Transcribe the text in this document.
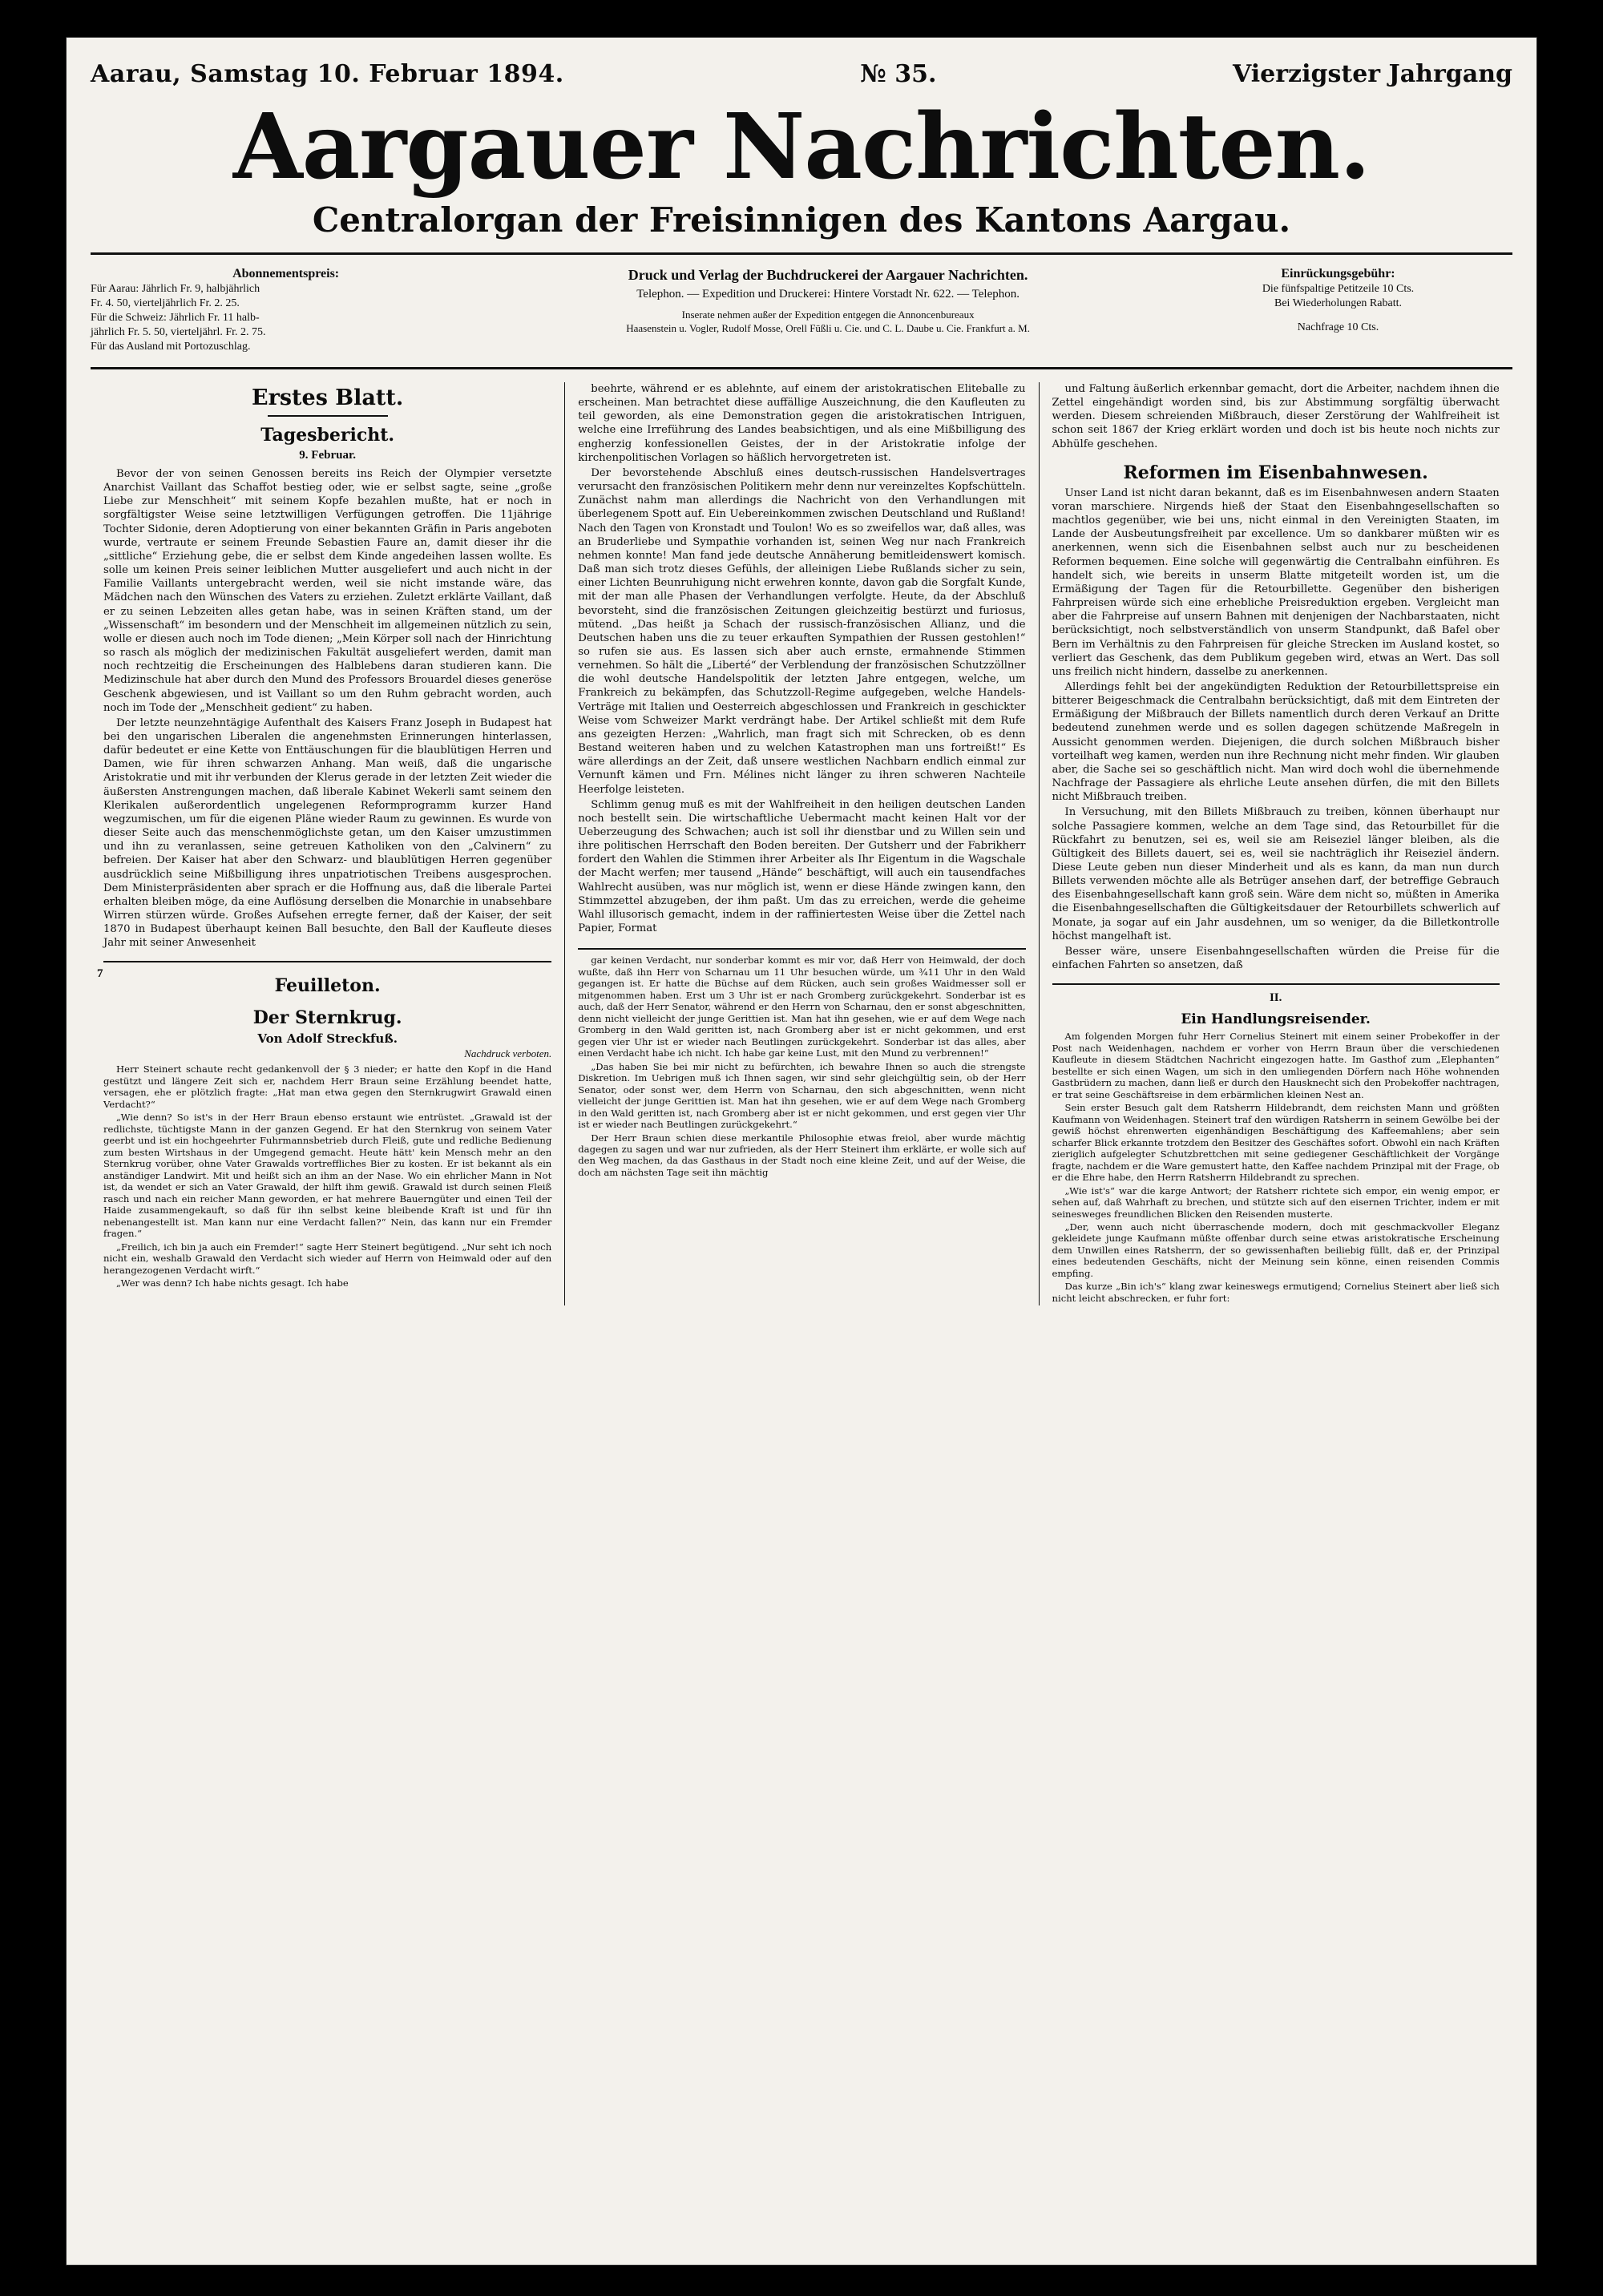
Aarau, Samstag 10. Februar 1894.	№ 35.	Vierzigster Jahrgang
Aargauer Nachrichten.
Centralorgan der Freisinnigen des Kantons Aargau.
Abonnementspreis:
Für Aarau: Jährlich Fr. 9, halbjährlich
Fr. 4. 50, vierteljährlich Fr. 2. 25.
Für die Schweiz: Jährlich Fr. 11 halb-
jährlich Fr. 5. 50, vierteljährl. Fr. 2. 75.
Für das Ausland mit Portozuschlag.
Druck und Verlag der Buchdruckerei der Aargauer Nachrichten.
Telephon. — Expedition und Druckerei: Hintere Vorstadt Nr. 622. — Telephon.
Inserate nehmen außer der Expedition entgegen die Annoncenbureaux
Haasenstein u. Vogler, Rudolf Mosse, Orell Füßli u. Cie. und C. L. Daube u. Cie. Frankfurt a. M.
Einrückungsgebühr:
Die fünfspaltige Petitzeile 10 Cts.
Bei Wiederholungen Rabatt.
Nachfrage 10 Cts.
Erstes Blatt.
Tagesbericht.
9. Februar.

Bevor der von seinen Genossen bereits ins Reich der Olympier versetzte Anarchist Vaillant das Schaffot bestieg oder, wie er selbst sagte, seine „große Liebe zur Menschheit“ mit seinem Kopfe bezahlen mußte, hat er noch in sorgfältigster Weise seine letztwilligen Verfügungen getroffen. Die 11jährige Tochter Sidonie, deren Adoptierung von einer bekannten Gräfin in Paris angeboten wurde, vertraute er seinem Freunde Sebastien Faure an, damit dieser ihr die „sittliche“ Erziehung gebe, die er selbst dem Kinde angedeihen lassen wollte. Es solle um keinen Preis seiner leiblichen Mutter ausgeliefert und auch nicht in der Familie Vaillants untergebracht werden, weil sie nicht imstande wäre, das Mädchen nach den Wünschen des Vaters zu erziehen. Zuletzt erklärte Vaillant, daß er zu seinen Lebzeiten alles getan habe, was in seinen Kräften stand, um der „Wissenschaft“ im besondern und der Menschheit im allgemeinen nützlich zu sein, wolle er diesen auch noch im Tode dienen; „Mein Körper soll nach der Hinrichtung so rasch als möglich der medizinischen Fakultät ausgeliefert werden, damit man noch rechtzeitig die Erscheinungen des Halblebens daran studieren kann. Die Medizinschule hat aber durch den Mund des Professors Brouardel dieses generöse Geschenk abgewiesen, und ist Vaillant so um den Ruhm gebracht worden, auch noch im Tode der „Menschheit gedient“ zu haben.

Der letzte neunzehntägige Aufenthalt des Kaisers Franz Joseph in Budapest hat bei den ungarischen Liberalen die angenehmsten Erinnerungen hinterlassen, dafür bedeutet er eine Kette von Enttäuschungen für die blaublütigen Herren und Damen, wie für ihren schwarzen Anhang. Man weiß, daß die ungarische Aristokratie und mit ihr verbunden der Klerus gerade in der letzten Zeit wieder die äußersten Anstrengungen machen, daß liberale Kabinet Wekerli samt seinem den Klerikalen außerordentlich ungelegenen Reformprogramm kurzer Hand wegzumischen, um für die eigenen Pläne wieder Raum zu gewinnen. Es wurde von dieser Seite auch das menschenmöglichste getan, um den Kaiser umzustimmen und ihn zu veranlassen, seine getreuen Katholiken von den „Calvinern“ zu befreien. Der Kaiser hat aber den Schwarz- und blaublütigen Herren gegenüber ausdrücklich seine Mißbilligung ihres unpatriotischen Treibens ausgesprochen. Dem Ministerpräsidenten aber sprach er die Hoffnung aus, daß die liberale Partei erhalten bleiben möge, da eine Auflösung derselben die Monarchie in unabsehbare Wirren stürzen würde. Großes Aufsehen erregte ferner, daß der Kaiser, der seit 1870 in Budapest überhaupt keinen Ball besuchte, den Ball der Kaufleute dieses Jahr mit seiner Anwesenheit

7
Feuilleton.
Der Sternkrug.
Von Adolf Streckfuß.
Nachdruck verboten.

Herr Steinert schaute recht gedankenvoll der § 3 nieder; er hatte den Kopf in die Hand gestützt und längere Zeit sich er, nachdem Herr Braun seine Erzählung beendet hatte, versagen, ehe er plötzlich fragte: „Hat man etwa gegen den Sternkrugwirt Grawald einen Verdacht?“

„Wie denn? So ist's in der Herr Braun ebenso erstaunt wie entrüstet. „Grawald ist der redlichste, tüchtigste Mann in der ganzen Gegend. Er hat den Sternkrug von seinem Vater geerbt und ist ein hochgeehrter Fuhrmannsbetrieb durch Fleiß, gute und redliche Bedienung zum besten Wirtshaus in der Umgegend gemacht. Heute hätt' kein Mensch mehr an den Sternkrug vorüber, ohne Vater Grawalds vortreffliches Bier zu kosten. Er ist bekannt als ein anständiger Landwirt. Mit und heißt sich an ihm an der Nase. Wo ein ehrlicher Mann in Not ist, da wendet er sich an Vater Grawald, der hilft ihm gewiß. Grawald ist durch seinen Fleiß rasch und nach ein reicher Mann geworden, er hat mehrere Bauerngüter und einen Teil der Haide zusammengekauft, so daß für ihn selbst keine bleibende Kraft ist und für ihn nebenangestellt ist. Man kann nur eine Verdacht fallen?“ Nein, das kann nur ein Fremder fragen.“

„Freilich, ich bin ja auch ein Fremder!“ sagte Herr Steinert begütigend. „Nur seht ich noch nicht ein, weshalb Grawald den Verdacht sich wieder auf Herrn von Heimwald oder auf den herangezogenen Verdacht wirft.“

„Wer was denn? Ich habe nichts gesagt. Ich habe

beehrte, während er es ablehnte, auf einem der aristokratischen Eliteballe zu erscheinen. Man betrachtet diese auffällige Auszeichnung, die den Kaufleuten zu teil geworden, als eine Demonstration gegen die aristokratischen Intriguen, welche eine Irreführung des Landes beabsichtigen, und als eine Mißbilligung des engherzig konfessionellen Geistes, der in der Aristokratie infolge der kirchenpolitischen Vorlagen so häßlich hervorgetreten ist.

Der bevorstehende Abschluß eines deutsch-russischen Handelsvertrages verursacht den französischen Politikern mehr denn nur vereinzeltes Kopfschütteln. Zunächst nahm man allerdings die Nachricht von den Verhandlungen mit überlegenem Spott auf. Ein Uebereinkommen zwischen Deutschland und Rußland! Nach den Tagen von Kronstadt und Toulon! Wo es so zweifellos war, daß alles, was an Bruderliebe und Sympathie vorhanden ist, seinen Weg nur nach Frankreich nehmen konnte! Man fand jede deutsche Annäherung bemitleidenswert komisch. Daß man sich trotz dieses Gefühls, der alleinigen Liebe Rußlands sicher zu sein, einer Lichten Beunruhigung nicht erwehren konnte, davon gab die Sorgfalt Kunde, mit der man alle Phasen der Verhandlungen verfolgte. Heute, da der Abschluß bevorsteht, sind die französischen Zeitungen gleichzeitig bestürzt und furiosus, mütend. „Das heißt ja Schach der russisch-französischen Allianz, und die Deutschen haben uns die zu teuer erkauften Sympathien der Russen gestohlen!“ so rufen sie aus. Es lassen sich aber auch ernste, ermahnende Stimmen vernehmen. So hält die „Liberté“ der Verblendung der französischen Schutzzöllner die wohl deutsche Handelspolitik der letzten Jahre entgegen, welche, um Frankreich zu bekämpfen, das Schutzzoll-Regime aufgegeben, welche Handels-Verträge mit Italien und Oesterreich abgeschlossen und Frankreich in geschickter Weise vom Schweizer Markt verdrängt habe. Der Artikel schließt mit dem Rufe ans gezeigten Herzen: „Wahrlich, man fragt sich mit Schrecken, ob es denn Bestand weiteren haben und zu welchen Katastrophen man uns fortreißt!“ Es wäre allerdings an der Zeit, daß unsere westlichen Nachbarn endlich einmal zur Vernunft kämen und Frn. Mélines nicht länger zu ihren schweren Nachteile Heerfolge leisteten.

Schlimm genug muß es mit der Wahlfreiheit in den heiligen deutschen Landen noch bestellt sein. Die wirtschaftliche Uebermacht macht keinen Halt vor der Ueberzeugung des Schwachen; auch ist soll ihr dienstbar und zu Willen sein und ihre politischen Herrschaft den Boden bereiten. Der Gutsherr und der Fabrikherr fordert den Wahlen die Stimmen ihrer Arbeiter als Ihr Eigentum in die Wagschale der Macht werfen; mer tausend „Hände“ beschäftigt, will auch ein tausendfaches Wahlrecht ausüben, was nur möglich ist, wenn er diese Hände zwingen kann, den Stimmzettel abzugeben, der ihm paßt. Um das zu erreichen, werde die geheime Wahl illusorisch gemacht, indem in der raffiniertesten Weise über die Zettel nach Papier, Format

gar keinen Verdacht, nur sonderbar kommt es mir vor, daß Herr von Heimwald, der doch wußte, daß ihn Herr von Scharnau um 11 Uhr besuchen würde, um ¾11 Uhr in den Wald gegangen ist. Er hatte die Büchse auf dem Rücken, auch sein großes Waidmesser soll er mitgenommen haben. Erst um 3 Uhr ist er nach Gromberg zurückgekehrt. Sonderbar ist es auch, daß der Herr Senator, während er den Herrn von Scharnau, den er sonst abgeschnitten, denn nicht vielleicht der junge Gerittien ist. Man hat ihn gesehen, wie er auf dem Wege nach Gromberg in den Wald geritten ist, nach Gromberg aber ist er nicht gekommen, und erst gegen vier Uhr ist er wieder nach Beutlingen zurückgekehrt. Sonderbar ist das alles, aber einen Verdacht habe ich nicht. Ich habe gar keine Lust, mit den Mund zu verbrennen!“

„Das haben Sie bei mir nicht zu befürchten, ich bewahre Ihnen so auch die strengste Diskretion. Im Uebrigen muß ich Ihnen sagen, wir sind sehr gleichgültig sein, ob der Herr Senator, oder sonst wer, dem Herrn von Scharnau, den sich abgeschnitten, wenn nicht vielleicht der junge Gerittien ist. Man hat ihn gesehen, wie er auf dem Wege nach Gromberg in den Wald geritten ist, nach Gromberg aber ist er nicht gekommen, und erst gegen vier Uhr ist er wieder nach Beutlingen zurückgekehrt.“

Der Herr Braun schien diese merkantile Philosophie etwas freiol, aber wurde mächtig dagegen zu sagen und war nur zufrieden, als der Herr Steinert ihm erklärte, er wolle sich auf den Weg machen, da das Gasthaus in der Stadt noch eine kleine Zeit, und auf der Weise, die doch am nächsten Tage seit ihn mächtig

und Faltung äußerlich erkennbar gemacht, dort die Arbeiter, nachdem ihnen die Zettel eingehändigt worden sind, bis zur Abstimmung sorgfältig überwacht werden. Diesem schreienden Mißbrauch, dieser Zerstörung der Wahlfreiheit ist schon seit 1867 der Krieg erklärt worden und doch ist bis heute noch nichts zur Abhülfe geschehen.

Reformen im Eisenbahnwesen.

Unser Land ist nicht daran bekannt, daß es im Eisenbahnwesen andern Staaten voran marschiere. Nirgends hieß der Staat den Eisenbahngesellschaften so machtlos gegenüber, wie bei uns, nicht einmal in den Vereinigten Staaten, im Lande der Ausbeutungsfreiheit par excellence. Um so dankbarer müßten wir es anerkennen, wenn sich die Eisenbahnen selbst auch nur zu bescheidenen Reformen bequemen. Eine solche will gegenwärtig die Centralbahn einführen. Es handelt sich, wie bereits in unserm Blatte mitgeteilt worden ist, um die Ermäßigung der Tagen für die Retourbillette. Gegenüber den bisherigen Fahrpreisen würde sich eine erhebliche Preisreduktion ergeben. Vergleicht man aber die Fahrpreise auf unsern Bahnen mit denjenigen der Nachbarstaaten, nicht berücksichtigt, noch selbstverständlich von unserm Standpunkt, daß Bafel ober Bern im Verhältnis zu den Fahrpreisen für gleiche Strecken im Ausland kostet, so verliert das Geschenk, das dem Publikum gegeben wird, etwas an Wert. Das soll uns freilich nicht hindern, dasselbe zu anerkennen.

Allerdings fehlt bei der angekündigten Reduktion der Retourbillettspreise ein bitterer Beigeschmack die Centralbahn berücksichtigt, daß mit dem Eintreten der Ermäßigung der Mißbrauch der Billets namentlich durch deren Verkauf an Dritte bedeutend zunehmen werde und es sollen dagegen schützende Maßregeln in Aussicht genommen werden. Diejenigen, die durch solchen Mißbrauch bisher vorteilhaft weg kamen, werden nun ihre Rechnung nicht mehr finden. Wir glauben aber, die Sache sei so geschäftlich nicht. Man wird doch wohl die übernehmende Nachfrage der Passagiere als ehrliche Leute ansehen dürfen, die mit den Billets nicht Mißbrauch treiben.

In Versuchung, mit den Billets Mißbrauch zu treiben, können überhaupt nur solche Passagiere kommen, welche an dem Tage sind, das Retourbillet für die Rückfahrt zu benutzen, sei es, weil sie am Reiseziel länger bleiben, als die Gültigkeit des Billets dauert, sei es, weil sie nachträglich ihr Reiseziel ändern. Diese Leute geben nun dieser Minderheit und als es kann, da man nun durch Billets verwenden möchte alle als Betrüger ansehen darf, der betreffige Gebrauch des Eisenbahngesellschaft kann groß sein. Wäre dem nicht so, müßten in Amerika die Eisenbahngesellschaften die Gültigkeitsdauer der Retourbillets schwerlich auf Monate, ja sogar auf ein Jahr ausdehnen, um so weniger, da die Billetkontrolle höchst mangelhaft ist.

Besser wäre, unsere Eisenbahngesellschaften würden die Preise für die einfachen Fahrten so ansetzen, daß

II.
Ein Handlungsreisender.

Am folgenden Morgen fuhr Herr Cornelius Steinert mit einem seiner Probekoffer in der Post nach Weidenhagen, nachdem er vorher von Herrn Braun über die verschiedenen Kaufleute in diesem Städtchen Nachricht eingezogen hatte. Im Gasthof zum „Elephanten“ bestellte er sich einen Wagen, um sich in den umliegenden Dörfern nach Höhe wohnenden Gastbrüdern zu machen, dann ließ er durch den Hausknecht sich den Probekoffer nachtragen, er trat seine Geschäftsreise in dem erbärmlichen kleinen Nest an.

Sein erster Besuch galt dem Ratsherrn Hildebrandt, dem reichsten Mann und größten Kaufmann von Weidenhagen. Steinert traf den würdigen Ratsherrn in seinem Gewölbe bei der gewiß höchst ehrenwerten eigenhändigen Beschäftigung des Kaffeemahlens; aber sein scharfer Blick erkannte trotzdem den Besitzer des Geschäftes sofort. Obwohl ein nach Kräften zieriglich aufgelegter Schutzbrettchen mit seine gediegener Geschäftlichkeit der Vorgänge fragte, nachdem er die Ware gemustert hatte, den Kaffee nachdem Prinzipal mit der Frage, ob er die Ehre habe, den Herrn Ratsherrn Hildebrandt zu sprechen.

„Wie ist's“ war die karge Antwort; der Ratsherr richtete sich empor, ein wenig empor, er sehen auf, daß Wahrhaft zu brechen, und stützte sich auf den eisernen Trichter, indem er mit seinesweges freundlichen Blicken den Reisenden musterte.

„Der, wenn auch nicht überraschende modern, doch mit geschmackvoller Eleganz gekleidete junge Kaufmann müßte offenbar durch seine etwas aristokratische Erscheinung dem Unwillen eines Ratsherrn, der so gewissenhaften beiliebig füllt, daß er, der Prinzipal eines bedeutenden Geschäfts, nicht der Meinung sein könne, einen reisenden Commis empfing.

Das kurze „Bin ich's“ klang zwar keineswegs ermutigend; Cornelius Steinert aber ließ sich nicht leicht abschrecken, er fuhr fort:
